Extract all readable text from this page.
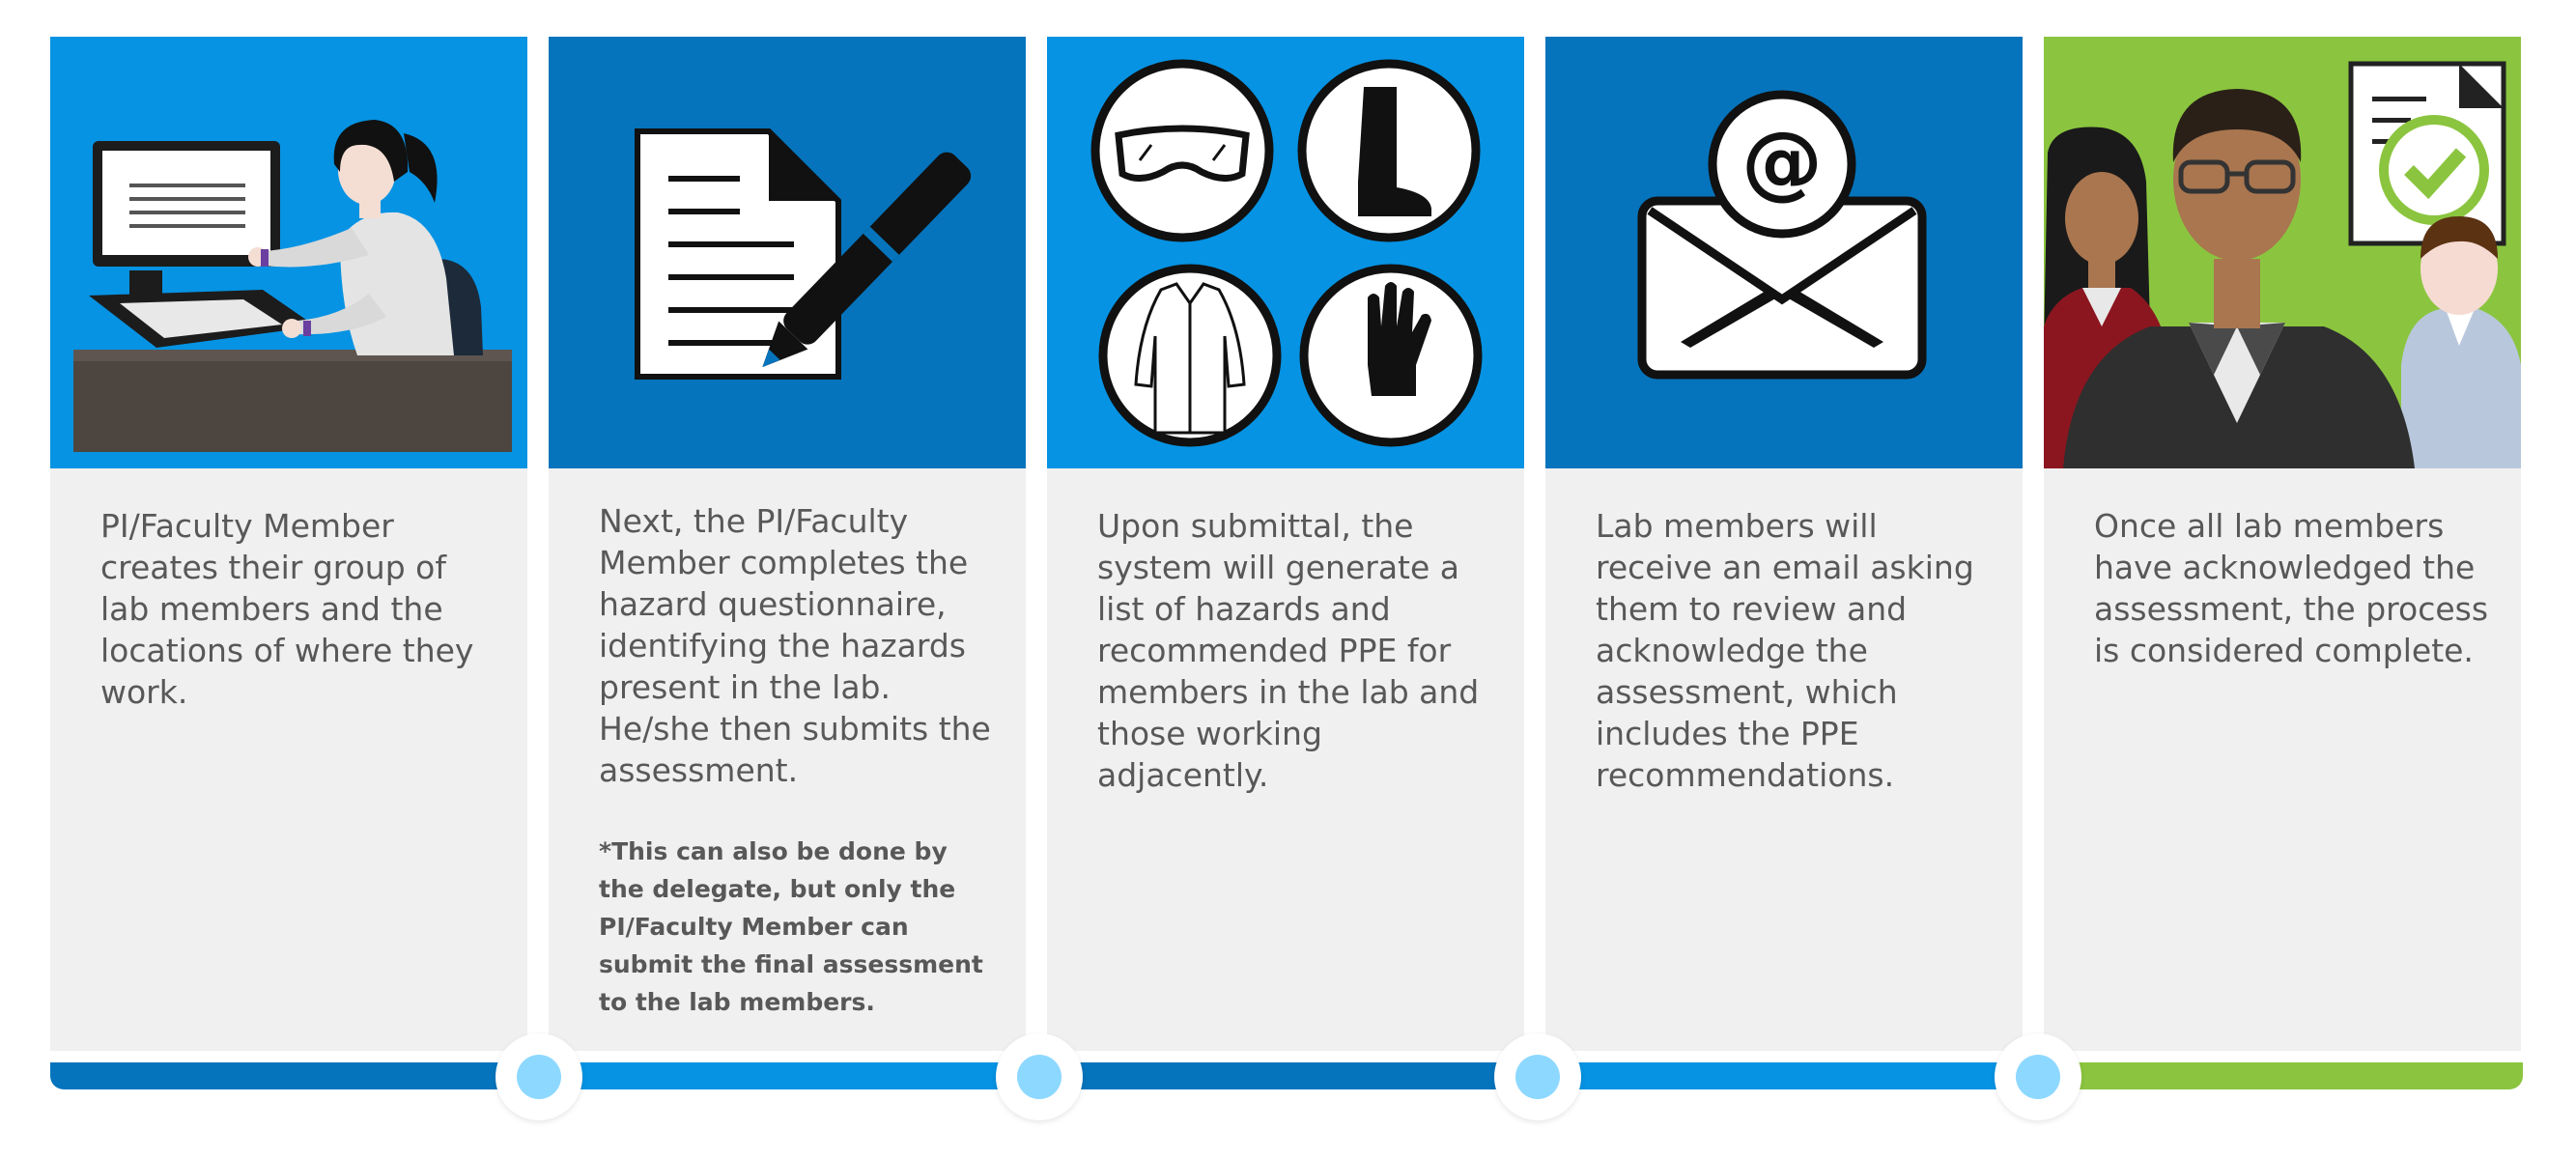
PI/Faculty Member creates their group of lab members and the locations of where they work.
Next, the PI/Faculty Member completes the hazard questionnaire, identifying the hazards present in the lab. He/she then submits the assessment.
*This can also be done by the delegate, but only the PI/Faculty Member can submit the final assessment to the lab members.
Upon submittal, the system will generate a list of hazards and recommended PPE for members in the lab and those working adjacently.
@
Lab members will receive an email asking them to review and acknowledge the assessment, which includes the PPE recommendations.
Once all lab members have acknowledged the assessment, the process is considered complete.
